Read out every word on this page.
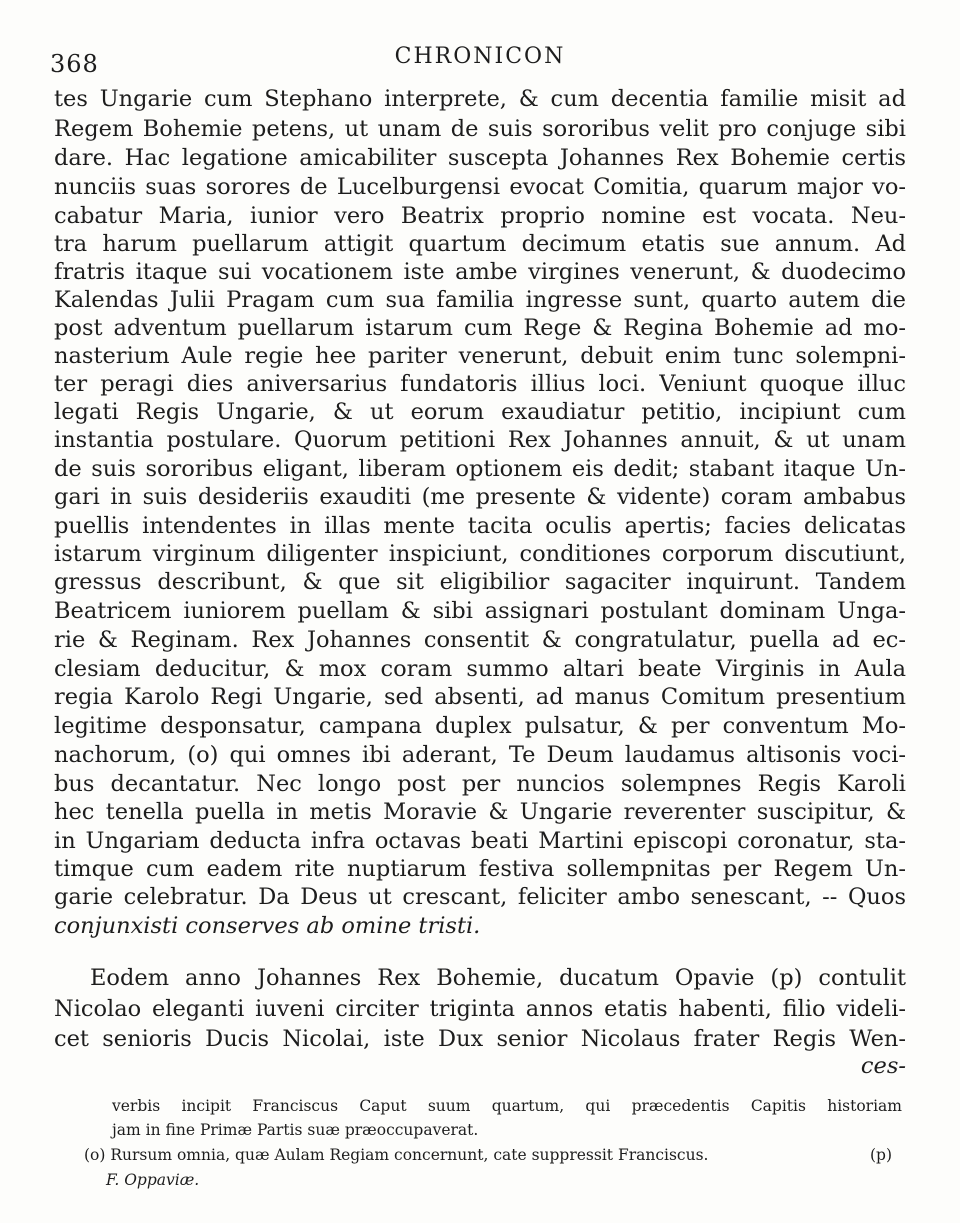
368	CHRONICON
tes Ungarie cum Stephano interprete, & cum decentia familie misit ad
Regem Bohemie petens, ut unam de suis sororibus velit pro conjuge sibi
dare. Hac legatione amicabiliter suscepta Johannes Rex Bohemie certis
nunciis suas sorores de Lucelburgensi evocat Comitia, quarum major vo-
cabatur Maria, iunior vero Beatrix proprio nomine est vocata. Neu-
tra harum puellarum attigit quartum decimum etatis sue annum. Ad
fratris itaque sui vocationem iste ambe virgines venerunt, & duodecimo
Kalendas Julii Pragam cum sua familia ingresse sunt, quarto autem die
post adventum puellarum istarum cum Rege & Regina Bohemie ad mo-
nasterium Aule regie hee pariter venerunt, debuit enim tunc solempni-
ter peragi dies aniversarius fundatoris illius loci. Veniunt quoque illuc
legati Regis Ungarie, & ut eorum exaudiatur petitio, incipiunt cum
instantia postulare. Quorum petitioni Rex Johannes annuit, & ut unam
de suis sororibus eligant, liberam optionem eis dedit; stabant itaque Un-
gari in suis desideriis exauditi (me presente & vidente) coram ambabus
puellis intendentes in illas mente tacita oculis apertis; facies delicatas
istarum virginum diligenter inspiciunt, conditiones corporum discutiunt,
gressus describunt, & que sit eligibilior sagaciter inquirunt. Tandem
Beatricem iuniorem puellam & sibi assignari postulant dominam Unga-
rie & Reginam. Rex Johannes consentit & congratulatur, puella ad ec-
clesiam deducitur, & mox coram summo altari beate Virginis in Aula
regia Karolo Regi Ungarie, sed absenti, ad manus Comitum presentium
legitime desponsatur, campana duplex pulsatur, & per conventum Mo-
nachorum, (o) qui omnes ibi aderant, Te Deum laudamus altisonis voci-
bus decantatur. Nec longo post per nuncios solempnes Regis Karoli
hec tenella puella in metis Moravie & Ungarie reverenter suscipitur, &
in Ungariam deducta infra octavas beati Martini episcopi coronatur, sta-
timque cum eadem rite nuptiarum festiva sollempnitas per Regem Un-
garie celebratur. Da Deus ut crescant, feliciter ambo senescant, -- Quos
conjunxisti conserves ab omine tristi.
Eodem anno Johannes Rex Bohemie, ducatum Opavie (p) contulit
Nicolao eleganti iuveni circiter triginta annos etatis habenti, filio videli-
cet senioris Ducis Nicolai, iste Dux senior Nicolaus frater Regis Wen-
ces-
verbis incipit Franciscus Caput suum quartum, qui præcedentis Capitis historiam
jam in fine Primæ Partis suæ præoccupaverat.
(o) Rursum omnia, quæ Aulam Regiam concernunt, cate suppressit Franciscus.	(p)
F. Oppaviæ.
